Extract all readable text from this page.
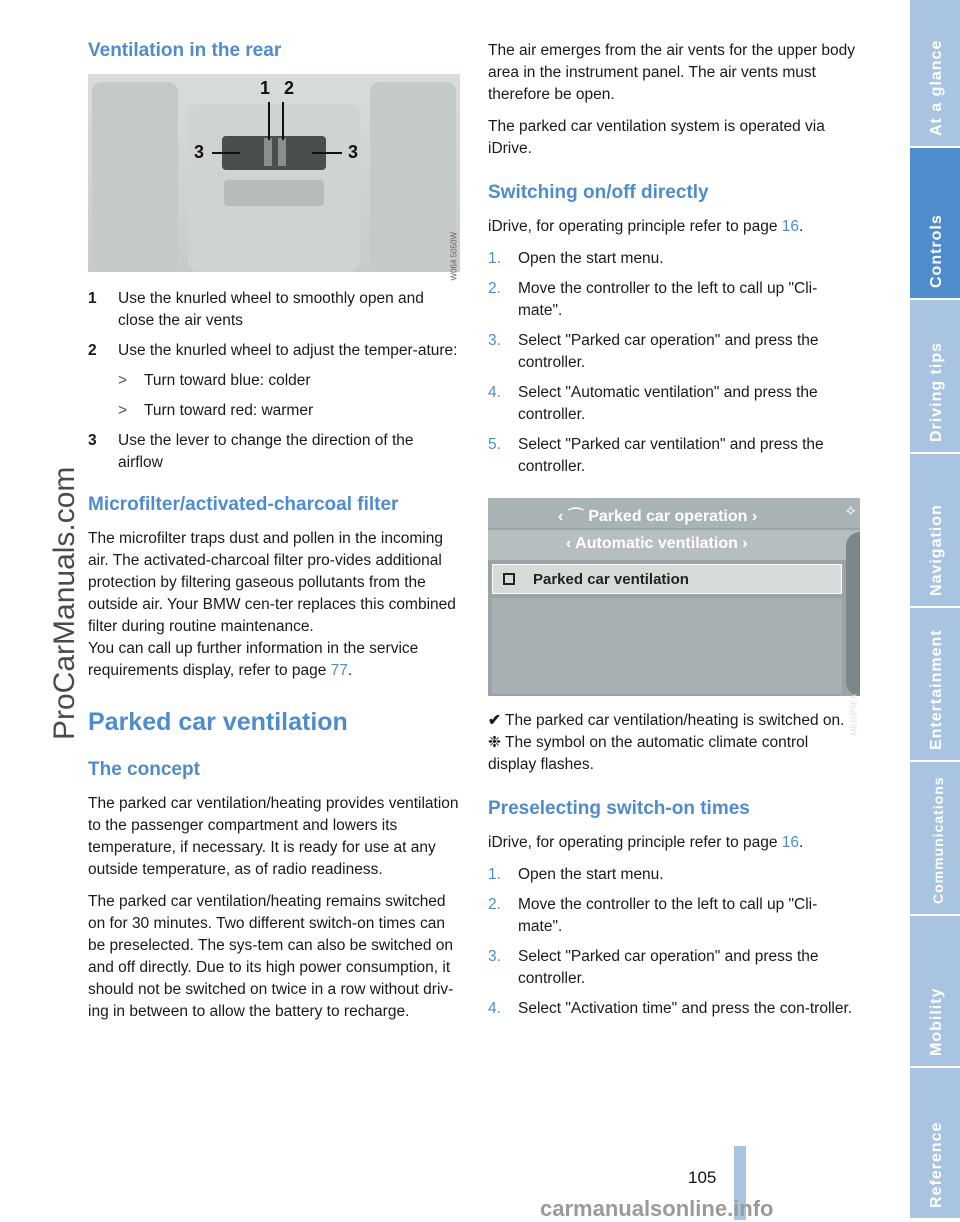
ProCarManuals.com
At a glance
Controls
Driving tips
Navigation
Entertainment
Communications
Mobility
Reference
Ventilation in the rear
1 2
3	3
W064 5050W
1	Use the knurled wheel to smoothly open and close the air vents
2	Use the knurled wheel to adjust the temper-ature:
>	Turn toward blue: colder
>	Turn toward red: warmer
3	Use the lever to change the direction of the airflow
Microfilter/activated-charcoal filter

The microfilter traps dust and pollen in the incoming air. The activated-charcoal filter pro-vides additional protection by filtering gaseous pollutants from the outside air. Your BMW cen-ter replaces this combined filter during routine maintenance.

You can call up further information in the service requirements display, refer to page 77.

Parked car ventilation
The concept

The parked car ventilation/heating provides ventilation to the passenger compartment and lowers its temperature, if necessary. It is ready for use at any outside temperature, as of radio readiness.

The parked car ventilation/heating remains switched on for 30 minutes. Two different switch-on times can be preselected. The sys-tem can also be switched on and off directly. Due to its high power consumption, it should not be switched on twice in a row without driv-ing in between to allow the battery to recharge.

The air emerges from the air vents for the upper body area in the instrument panel. The air vents must therefore be open.

The parked car ventilation system is operated via iDrive.

Switching on/off directly

iDrive, for operating principle refer to page 16.

1.	Open the start menu.
2.	Move the controller to the left to call up "Cli-mate".
3.	Select "Parked car operation" and press the controller.
4.	Select "Automatic ventilation" and press the controller.
5.	Select "Parked car ventilation" and press the controller.
‹ ⌒ Parked car operation ›	⟡
‹ Automatic ventilation ›
Parked car ventilation
MB15P9EA

✔ The parked car ventilation/heating is switched on.

❉ The symbol on the automatic climate control display flashes.

Preselecting switch-on times

iDrive, for operating principle refer to page 16.

1.	Open the start menu.
2.	Move the controller to the left to call up "Cli-mate".
3.	Select "Parked car operation" and press the controller.
4.	Select "Activation time" and press the con-troller.
105
carmanualsonline.info
